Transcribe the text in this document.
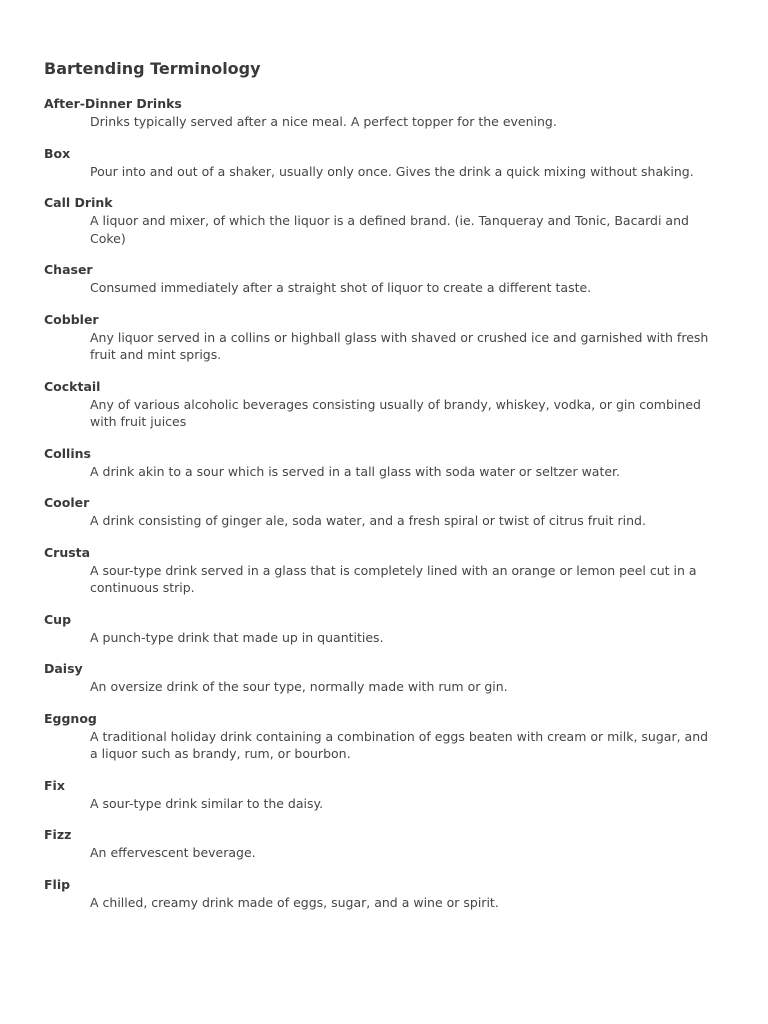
Bartending Terminology
After-Dinner Drinks
Drinks typically served after a nice meal. A perfect topper for the evening.
Box
Pour into and out of a shaker, usually only once. Gives the drink a quick mixing without shaking.
Call Drink
A liquor and mixer, of which the liquor is a defined brand. (ie. Tanqueray and Tonic, Bacardi and Coke)
Chaser
Consumed immediately after a straight shot of liquor to create a different taste.
Cobbler
Any liquor served in a collins or highball glass with shaved or crushed ice and garnished with fresh fruit and mint sprigs.
Cocktail
Any of various alcoholic beverages consisting usually of brandy, whiskey, vodka, or gin combined with fruit juices
Collins
A drink akin to a sour which is served in a tall glass with soda water or seltzer water.
Cooler
A drink consisting of ginger ale, soda water, and a fresh spiral or twist of citrus fruit rind.
Crusta
A sour-type drink served in a glass that is completely lined with an orange or lemon peel cut in a continuous strip.
Cup
A punch-type drink that made up in quantities.
Daisy
An oversize drink of the sour type, normally made with rum or gin.
Eggnog
A traditional holiday drink containing a combination of eggs beaten with cream or milk, sugar, and a liquor such as brandy, rum, or bourbon.
Fix
A sour-type drink similar to the daisy.
Fizz
An effervescent beverage.
Flip
A chilled, creamy drink made of eggs, sugar, and a wine or spirit.
